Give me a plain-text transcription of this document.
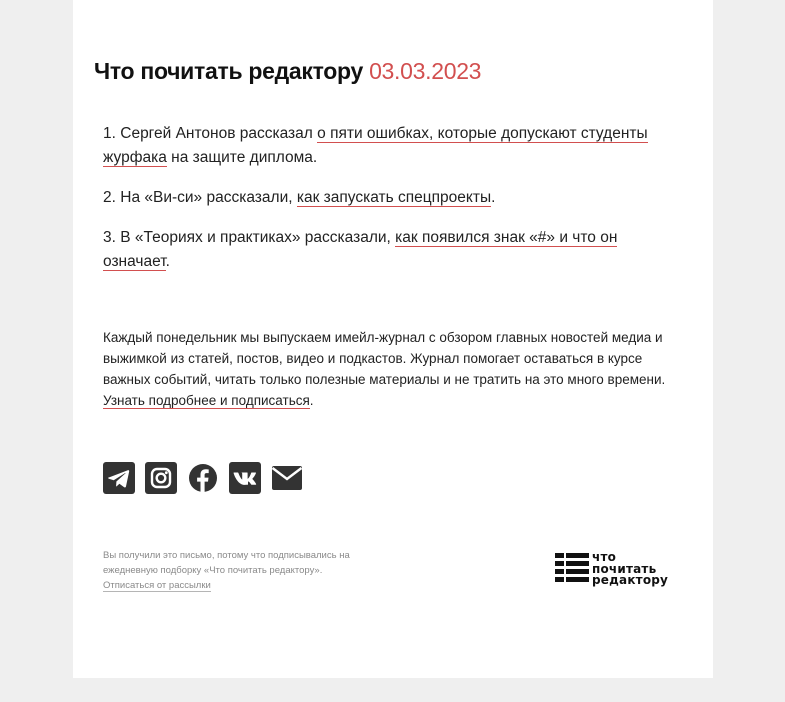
Что почитать редактору 03.03.2023

1. Сергей Антонов рассказал о пяти ошибках, которые допускают студенты журфака на защите диплома.

2. На «Ви-си» рассказали, как запускать спецпроекты.

3. В «Теориях и практиках» рассказали, как появился знак «#» и что он означает.

Каждый понедельник мы выпускаем имейл-журнал с обзором главных новостей медиа и выжимкой из статей, постов, видео и подкастов. Журнал помогает оставаться в курсе важных событий, читать только полезные материалы и не тратить на это много времени. Узнать подробнее и подписаться.

Вы получили это письмо, потому что подписывались на ежедневную подборку «Что почитать редактору».
Отписаться от рассылки
что
почитать
редактору
